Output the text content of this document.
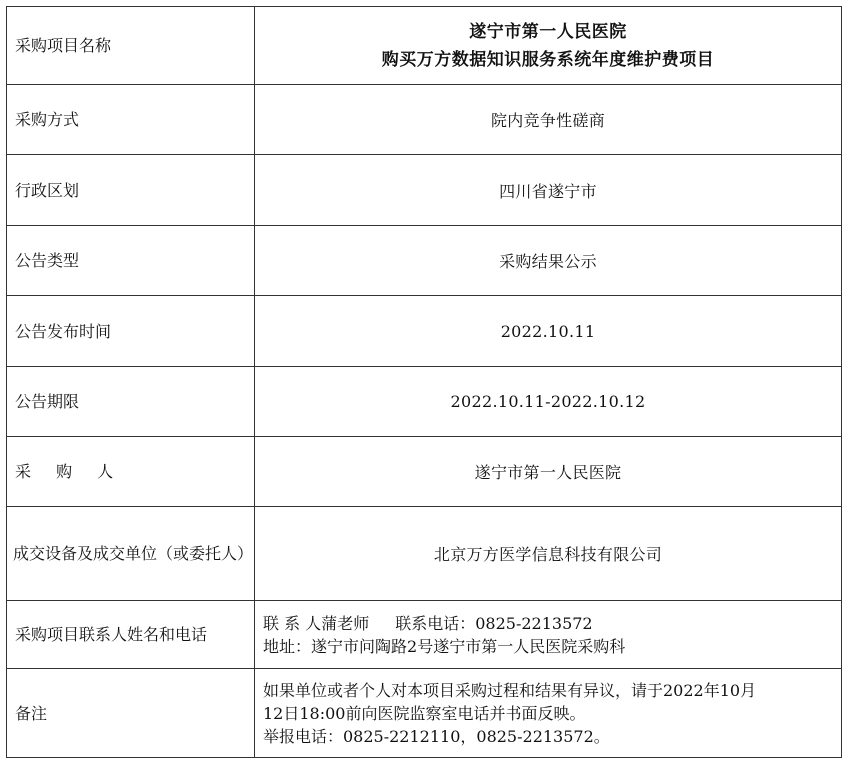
采购项目名称	遂宁市第一人民医院
购买万方数据知识服务系统年度维护费项目

采购方式	院内竞争性磋商

行政区划	四川省遂宁市

公告类型	采购结果公示

公告发布时间	2022.10.11

公告期限	2022.10.11-2022.10.12

采 购 人	遂宁市第一人民医院

成交设备及成交单位（或委托人）	北京万方医学信息科技有限公司

采购项目联系人姓名和电话	联 系 人蒲老师 联系电话：0825-2213572
地址：遂宁市问陶路2号遂宁市第一人民医院采购科

备注	如果单位或者个人对本项目采购过程和结果有异议，请于2022年10月
12日18:00前向医院监察室电话并书面反映。
举报电话：0825-2212110，0825-2213572。
